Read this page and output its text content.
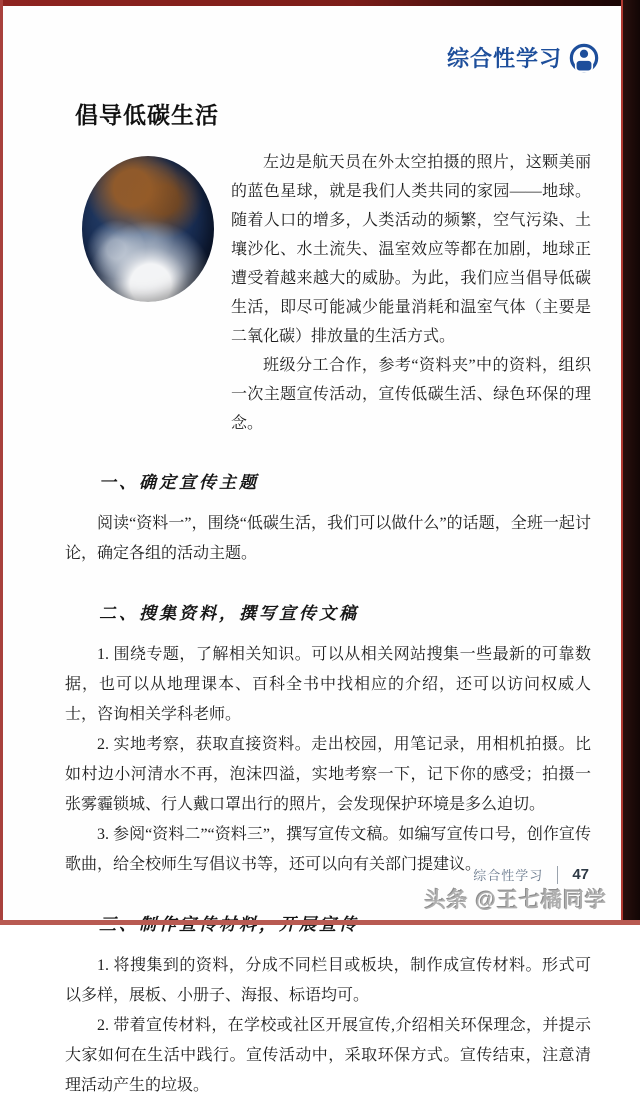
综合性学习
倡导低碳生活

左边是航天员在外太空拍摄的照片，这颗美丽的蓝色星球，就是我们人类共同的家园——地球。随着人口的增多，人类活动的频繁，空气污染、土壤沙化、水土流失、温室效应等都在加剧，地球正遭受着越来越大的威胁。为此，我们应当倡导低碳生活，即尽可能减少能量消耗和温室气体（主要是二氧化碳）排放量的生活方式。

班级分工合作，参考“资料夹”中的资料，组织一次主题宣传活动，宣传低碳生活、绿色环保的理念。

一、确定宣传主题

阅读“资料一”，围绕“低碳生活，我们可以做什么”的话题，全班一起讨论，确定各组的活动主题。

二、搜集资料，撰写宣传文稿

1. 围绕专题，了解相关知识。可以从相关网站搜集一些最新的可靠数据，也可以从地理课本、百科全书中找相应的介绍，还可以访问权威人士，咨询相关学科老师。

2. 实地考察，获取直接资料。走出校园，用笔记录，用相机拍摄。比如村边小河清水不再，泡沫四溢，实地考察一下，记下你的感受；拍摄一张雾霾锁城、行人戴口罩出行的照片，会发现保护环境是多么迫切。

3. 参阅“资料二”“资料三”，撰写宣传文稿。如编写宣传口号，创作宣传歌曲，给全校师生写倡议书等，还可以向有关部门提建议。

1. 将搜集到的资料，分成不同栏目或板块，制作成宣传材料。形式可以多样，展板、小册子、海报、标语均可。

2. 带着宣传材料，在学校或社区开展宣传,介绍相关环保理念，并提示大家如何在生活中践行。宣传活动中，采取环保方式。宣传结束，注意清理活动产生的垃圾。

综合性学习 47
头条 @王七橘同学
